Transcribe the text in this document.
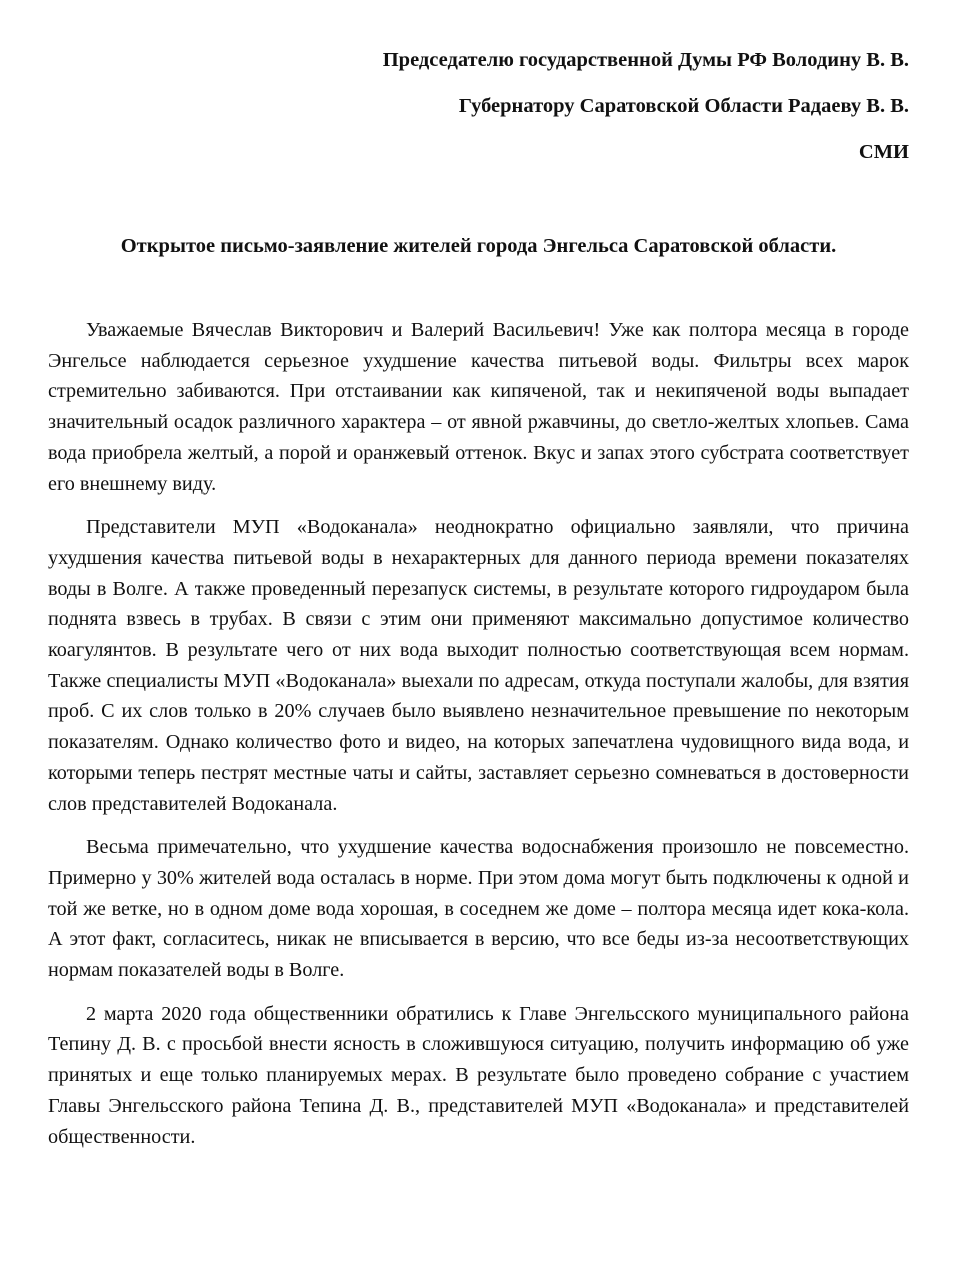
Председателю государственной Думы РФ Володину В. В.

Губернатору Саратовской Области Радаеву В. В.

СМИ

Открытое письмо-заявление жителей города Энгельса Саратовской области.

Уважаемые Вячеслав Викторович и Валерий Васильевич! Уже как полтора месяца в городе Энгельсе наблюдается серьезное ухудшение качества питьевой воды. Фильтры всех марок стремительно забиваются. При отстаивании как кипяченой, так и некипяченой воды выпадает значительный осадок различного характера – от явной ржавчины, до светло-желтых хлопьев. Сама вода приобрела желтый, а порой и оранжевый оттенок. Вкус и запах этого субстрата соответствует его внешнему виду.

Представители МУП «Водоканала» неоднократно официально заявляли, что причина ухудшения качества питьевой воды в нехарактерных для данного периода времени показателях воды в Волге. А также проведенный перезапуск системы, в результате которого гидроударом была поднята взвесь в трубах. В связи с этим они применяют максимально допустимое количество коагулянтов. В результате чего от них вода выходит полностью соответствующая всем нормам. Также специалисты МУП «Водоканала» выехали по адресам, откуда поступали жалобы, для взятия проб. С их слов только в 20% случаев было выявлено незначительное превышение по некоторым показателям. Однако количество фото и видео, на которых запечатлена чудовищного вида вода, и которыми теперь пестрят местные чаты и сайты, заставляет серьезно сомневаться в достоверности слов представителей Водоканала.

Весьма примечательно, что ухудшение качества водоснабжения произошло не повсеместно. Примерно у 30% жителей вода осталась в норме. При этом дома могут быть подключены к одной и той же ветке, но в одном доме вода хорошая, в соседнем же доме – полтора месяца идет кока-кола. А этот факт, согласитесь, никак не вписывается в версию, что все беды из-за несоответствующих нормам показателей воды в Волге.

2 марта 2020 года общественники обратились к Главе Энгельсского муниципального района Тепину Д. В. с просьбой внести ясность в сложившуюся ситуацию, получить информацию об уже принятых и еще только планируемых мерах. В результате было проведено собрание с участием Главы Энгельсского района Тепина Д. В., представителей МУП «Водоканала» и представителей общественности.
